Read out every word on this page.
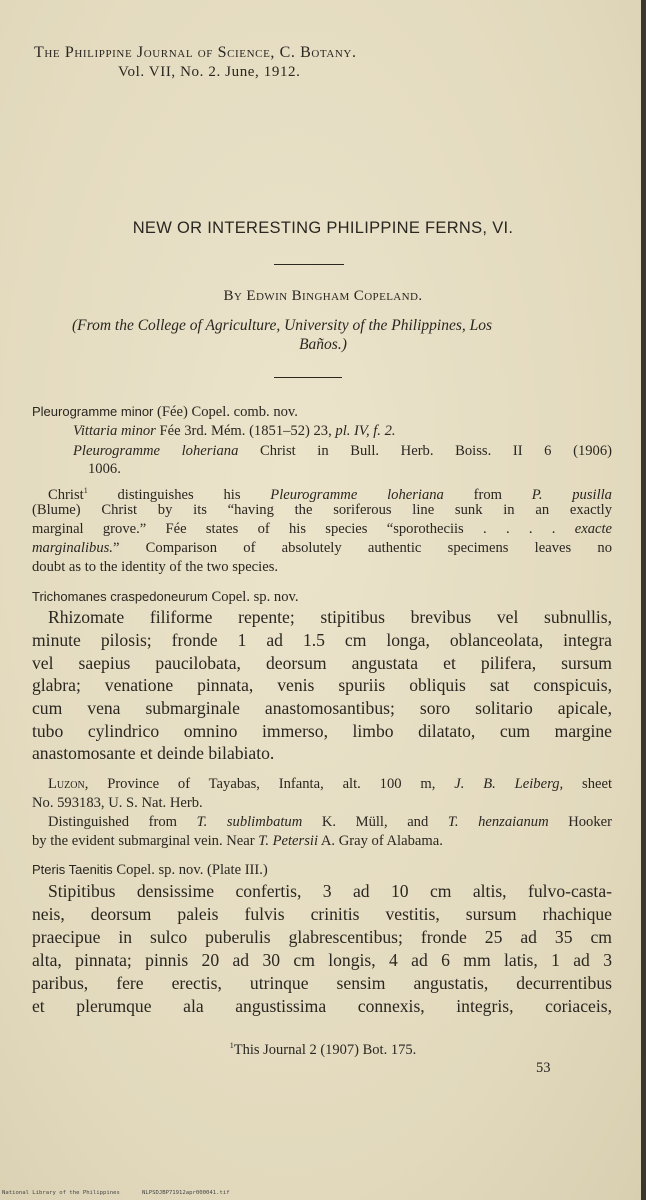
The Philippine Journal of Science, C. Botany.
Vol. VII, No. 2. June, 1912.
NEW OR INTERESTING PHILIPPINE FERNS, VI.
By Edwin Bingham Copeland.
(From the College of Agriculture, University of the Philippines, Los
Baños.)
Pleurogramme minor (Fée) Copel. comb. nov.
Vittaria minor Fée 3rd. Mém. (1851–52) 23, pl. IV, f. 2.
Pleurogramme loheriana Christ in Bull. Herb. Boiss. II 6 (1906)
1006.
Christ$^1$ distinguishes his Pleurogramme loheriana from P. pusilla
(Blume) Christ by its “having the soriferous line sunk in an exactly
marginal grove.” Fée states of his species “sporotheciis . . . . exacte
marginalibus.” Comparison of absolutely authentic specimens leaves no
doubt as to the identity of the two species.
Trichomanes craspedoneurum Copel. sp. nov.
Rhizomate filiforme repente; stipitibus brevibus vel subnullis,
minute pilosis; fronde 1 ad 1.5 cm longa, oblanceolata, integra
vel saepius paucilobata, deorsum angustata et pilifera, sursum
glabra; venatione pinnata, venis spuriis obliquis sat conspicuis,
cum vena submarginale anastomosantibus; soro solitario apicale,
tubo cylindrico omnino immerso, limbo dilatato, cum margine
anastomosante et deinde bilabiato.
Luzon, Province of Tayabas, Infanta, alt. 100 m, J. B. Leiberg, sheet
No. 593183, U. S. Nat. Herb.
Distinguished from T. sublimbatum K. Müll, and T. henzaianum Hooker
by the evident submarginal vein. Near T. Petersii A. Gray of Alabama.
Pteris Taenitis Copel. sp. nov. (Plate III.)
Stipitibus densissime confertis, 3 ad 10 cm altis, fulvo-casta-
neis, deorsum paleis fulvis crinitis vestitis, sursum rhachique
praecipue in sulco puberulis glabrescentibus; fronde 25 ad 35 cm
alta, pinnata; pinnis 20 ad 30 cm longis, 4 ad 6 mm latis, 1 ad 3
paribus, fere erectis, utrinque sensim angustatis, decurrentibus
et plerumque ala angustissima connexis, integris, coriaceis,
$^1$This Journal 2 (1907) Bot. 175.
53
National Library of the Philippines	NLPSDJBP71912apr000041.tif
